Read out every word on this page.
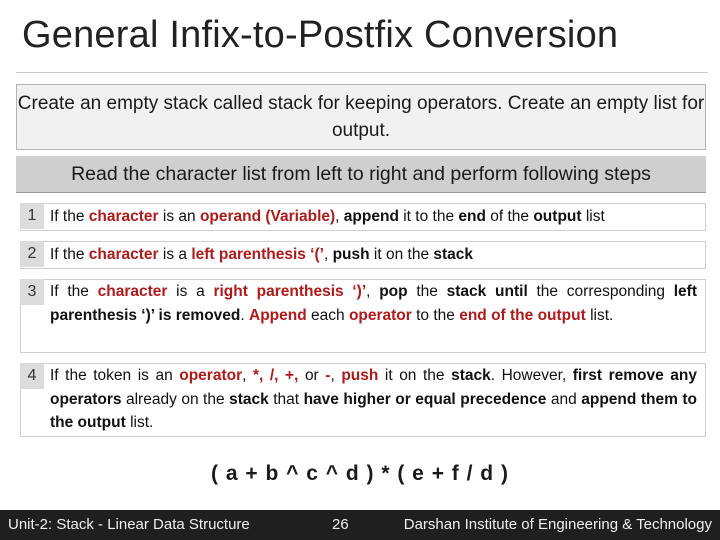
General Infix-to-Postfix Conversion
Create an empty stack called stack for keeping operators. Create an empty list for output.
Read the character list from left to right and perform following steps
1 If the character is an operand (Variable), append it to the end of the output list
2 If the character is a left parenthesis ‘(’, push it on the stack
3 If the character is a right parenthesis ‘)’, pop the stack until the corresponding left parenthesis ‘)’ is removed. Append each operator to the end of the output list.
4 If the token is an operator, *, /, +, or -, push it on the stack. However, first remove any operators already on the stack that have higher or equal precedence and append them to the output list.
( a + b ^ c ^ d ) * ( e + f / d )
Unit-2: Stack - Linear Data Structure	26	Darshan Institute of Engineering & Technology
